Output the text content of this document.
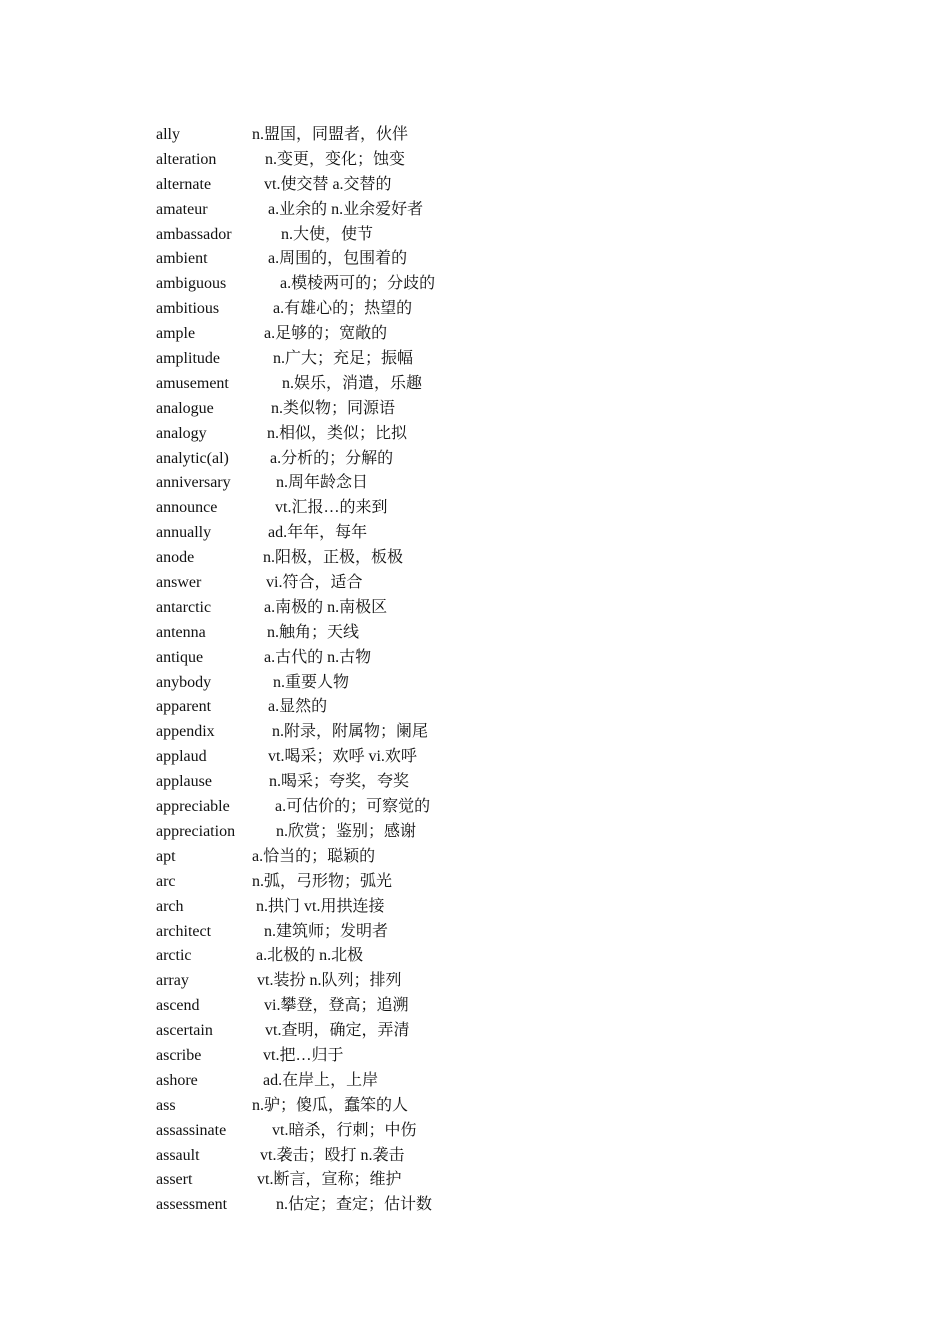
ally	n.盟国，同盟者，伙伴
alteration	n.变更，变化；蚀变
alternate	vt.使交替 a.交替的
amateur	a.业余的 n.业余爱好者
ambassador	n.大使，使节
ambient	a.周围的，包围着的
ambiguous	a.模棱两可的；分歧的
ambitious	a.有雄心的；热望的
ample	a.足够的；宽敞的
amplitude	n.广大；充足；振幅
amusement	n.娱乐，消遣，乐趣
analogue	n.类似物；同源语
analogy	n.相似，类似；比拟
analytic(al)	a.分析的；分解的
anniversary	n.周年龄念日
announce	vt.汇报…的来到
annually	ad.年年，每年
anode	n.阳极，正极，板极
answer	vi.符合，适合
antarctic	a.南极的 n.南极区
antenna	n.触角；天线
antique	a.古代的 n.古物
anybody	n.重要人物
apparent	a.显然的
appendix	n.附录，附属物；阑尾
applaud	vt.喝采；欢呼 vi.欢呼
applause	n.喝采；夸奖，夸奖
appreciable	a.可估价的；可察觉的
appreciation	n.欣赏；鉴别；感谢
apt	a.恰当的；聪颖的
arc	n.弧，弓形物；弧光
arch	n.拱门 vt.用拱连接
architect	n.建筑师；发明者
arctic	a.北极的 n.北极
array	vt.装扮 n.队列；排列
ascend	vi.攀登，登高；追溯
ascertain	vt.查明，确定，弄清
ascribe	vt.把…归于
ashore	ad.在岸上，上岸
ass	n.驴；傻瓜，蠢笨的人
assassinate	vt.暗杀，行刺；中伤
assault	vt.袭击；殴打 n.袭击
assert	vt.断言，宣称；维护
assessment	n.估定；查定；估计数
